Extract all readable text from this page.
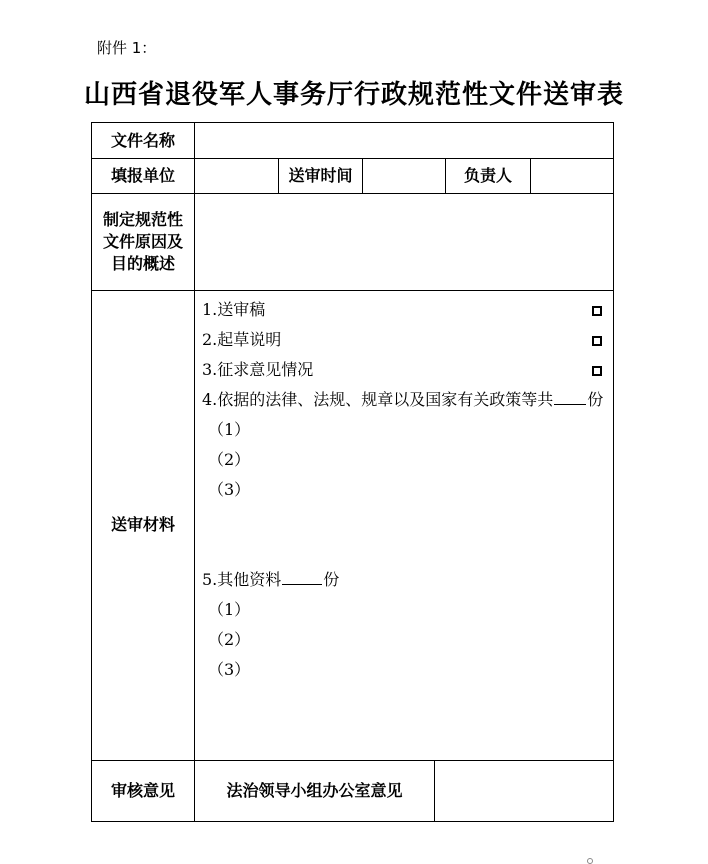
附件 1：
山西省退役军人事务厅行政规范性文件送审表
文件名称
填报单位	送审时间	负责人
制定规范性
文件原因及
目的概述
送审材料
1.送审稿
2.起草说明
3.征求意见情况
4.依据的法律、法规、规章以及国家有关政策等共 份
（1）
（2）
（3）
5.其他资料	份
（1）
（2）
（3）
审核意见	法治领导小组办公室意见
